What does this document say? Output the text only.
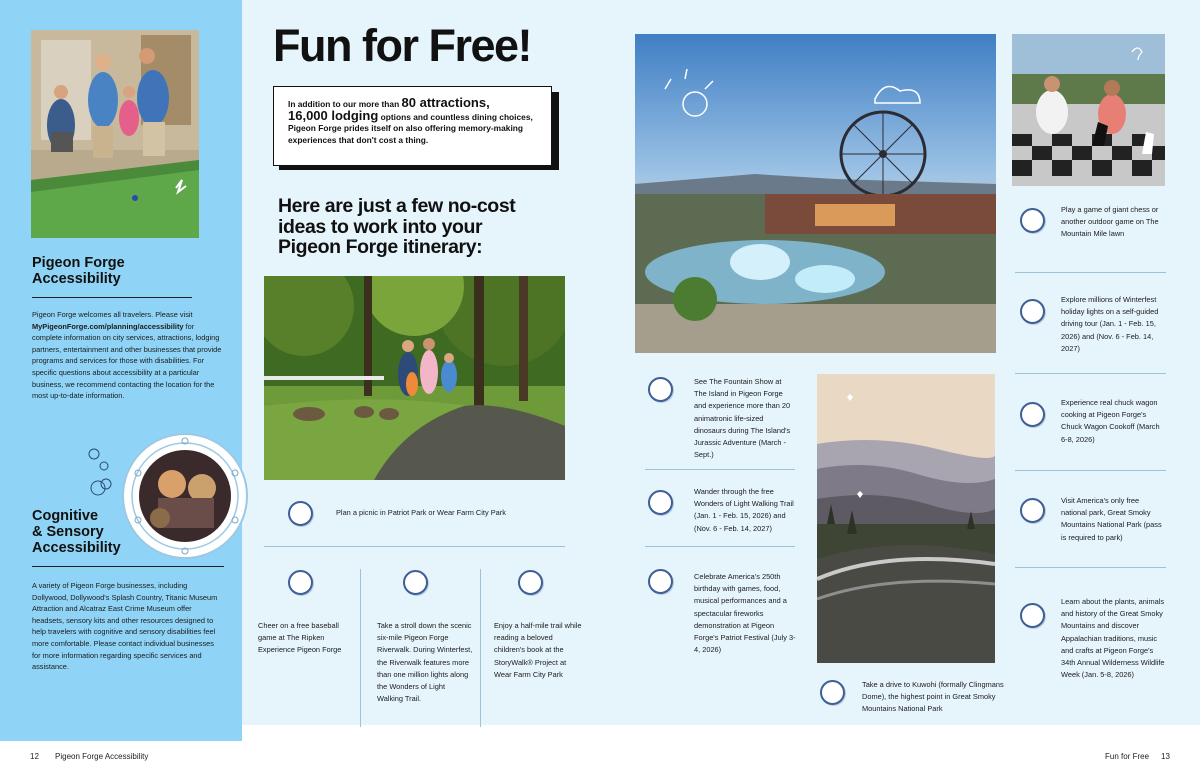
Pigeon Forge
Accessibility
Pigeon Forge welcomes all travelers. Please visit MyPigeonForge.com/planning/accessibility for complete information on city services, attractions, lodging partners, entertainment and other businesses that provide programs and services for those with disabilities. For specific questions about accessibility at a particular business, we recommend contacting the location for the most up-to-date information.
Cognitive
& Sensory
Accessibility
A variety of Pigeon Forge businesses, including Dollywood, Dollywood's Splash Country, Titanic Museum Attraction and Alcatraz East Crime Museum offer headsets, sensory kits and other resources designed to help travelers with cognitive and sensory disabilities feel more comfortable. Please contact individual businesses for more information regarding specific services and assistance.
Fun for Free!
In addition to our more than 80 attractions,
16,000 lodging options and countless dining choices, Pigeon Forge prides itself on also offering memory-making experiences that don't cost a thing.
Here are just a few no-cost
ideas to work into your
Pigeon Forge itinerary:
Plan a picnic in Patriot Park or Wear Farm City Park
Cheer on a free baseball game at The Ripken Experience Pigeon Forge
Take a stroll down the scenic six-mile Pigeon Forge Riverwalk. During Winterfest, the Riverwalk features more than one million lights along the Wonders of Light Walking Trail.
Enjoy a half-mile trail while reading a beloved children's book at the StoryWalk® Project at Wear Farm City Park
See The Fountain Show at The Island in Pigeon Forge and experience more than 20 animatronic life-sized dinosaurs during The Island's Jurassic Adventure (March - Sept.)
Wander through the free Wonders of Light Walking Trail (Jan. 1 - Feb. 15, 2026) and (Nov. 6 - Feb. 14, 2027)
Celebrate America's 250th birthday with games, food, musical performances and a spectacular fireworks demonstration at Pigeon Forge's Patriot Festival (July 3-4, 2026)
Take a drive to Kuwohi (formally Clingmans Dome), the highest point in Great Smoky Mountains National Park
Play a game of giant chess or another outdoor game on The Mountain Mile lawn
Explore millions of Winterfest holiday lights on a self-guided driving tour (Jan. 1 - Feb. 15, 2026) and (Nov. 6 - Feb. 14, 2027)
Experience real chuck wagon cooking at Pigeon Forge's Chuck Wagon Cookoff (March 6-8, 2026)
Visit America's only free national park, Great Smoky Mountains National Park (pass is required to park)
Learn about the plants, animals and history of the Great Smoky Mountains and discover Appalachian traditions, music and crafts at Pigeon Forge's 34th Annual Wilderness Wildlife Week (Jan. 5-8, 2026)
12 Pigeon Forge Accessibility	Fun for Free 13
